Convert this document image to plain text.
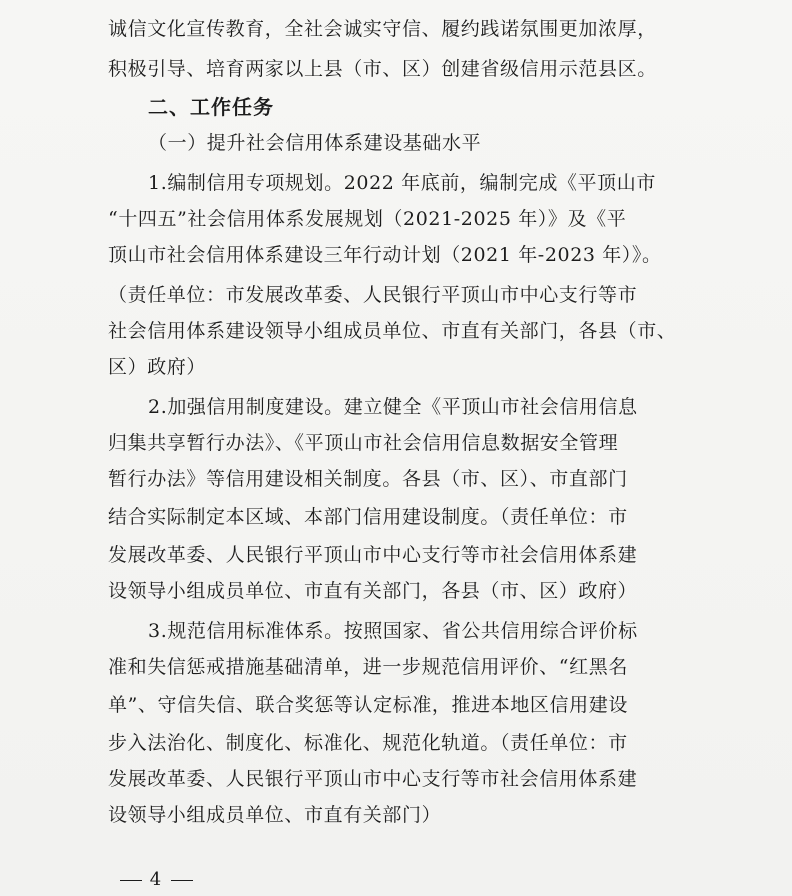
诚信文化宣传教育，全社会诚实守信、履约践诺氛围更加浓厚，
积极引导、培育两家以上县（市、区）创建省级信用示范县区。
二、工作任务
（一）提升社会信用体系建设基础水平
1.编制信用专项规划。2022 年底前，编制完成《平顶山市
“十四五”社会信用体系发展规划（2021-2025 年）》及《平
顶山市社会信用体系建设三年行动计划（2021 年-2023 年）》。
（责任单位：市发展改革委、人民银行平顶山市中心支行等市
社会信用体系建设领导小组成员单位、市直有关部门，各县（市、
区）政府）
2.加强信用制度建设。建立健全《平顶山市社会信用信息
归集共享暂行办法》、《平顶山市社会信用信息数据安全管理
暂行办法》等信用建设相关制度。各县（市、区）、市直部门
结合实际制定本区域、本部门信用建设制度。（责任单位：市
发展改革委、人民银行平顶山市中心支行等市社会信用体系建
设领导小组成员单位、市直有关部门，各县（市、区）政府）
3.规范信用标准体系。按照国家、省公共信用综合评价标
准和失信惩戒措施基础清单，进一步规范信用评价、“红黑名
单”、守信失信、联合奖惩等认定标准，推进本地区信用建设
步入法治化、制度化、标准化、规范化轨道。（责任单位：市
发展改革委、人民银行平顶山市中心支行等市社会信用体系建
设领导小组成员单位、市直有关部门）
4
